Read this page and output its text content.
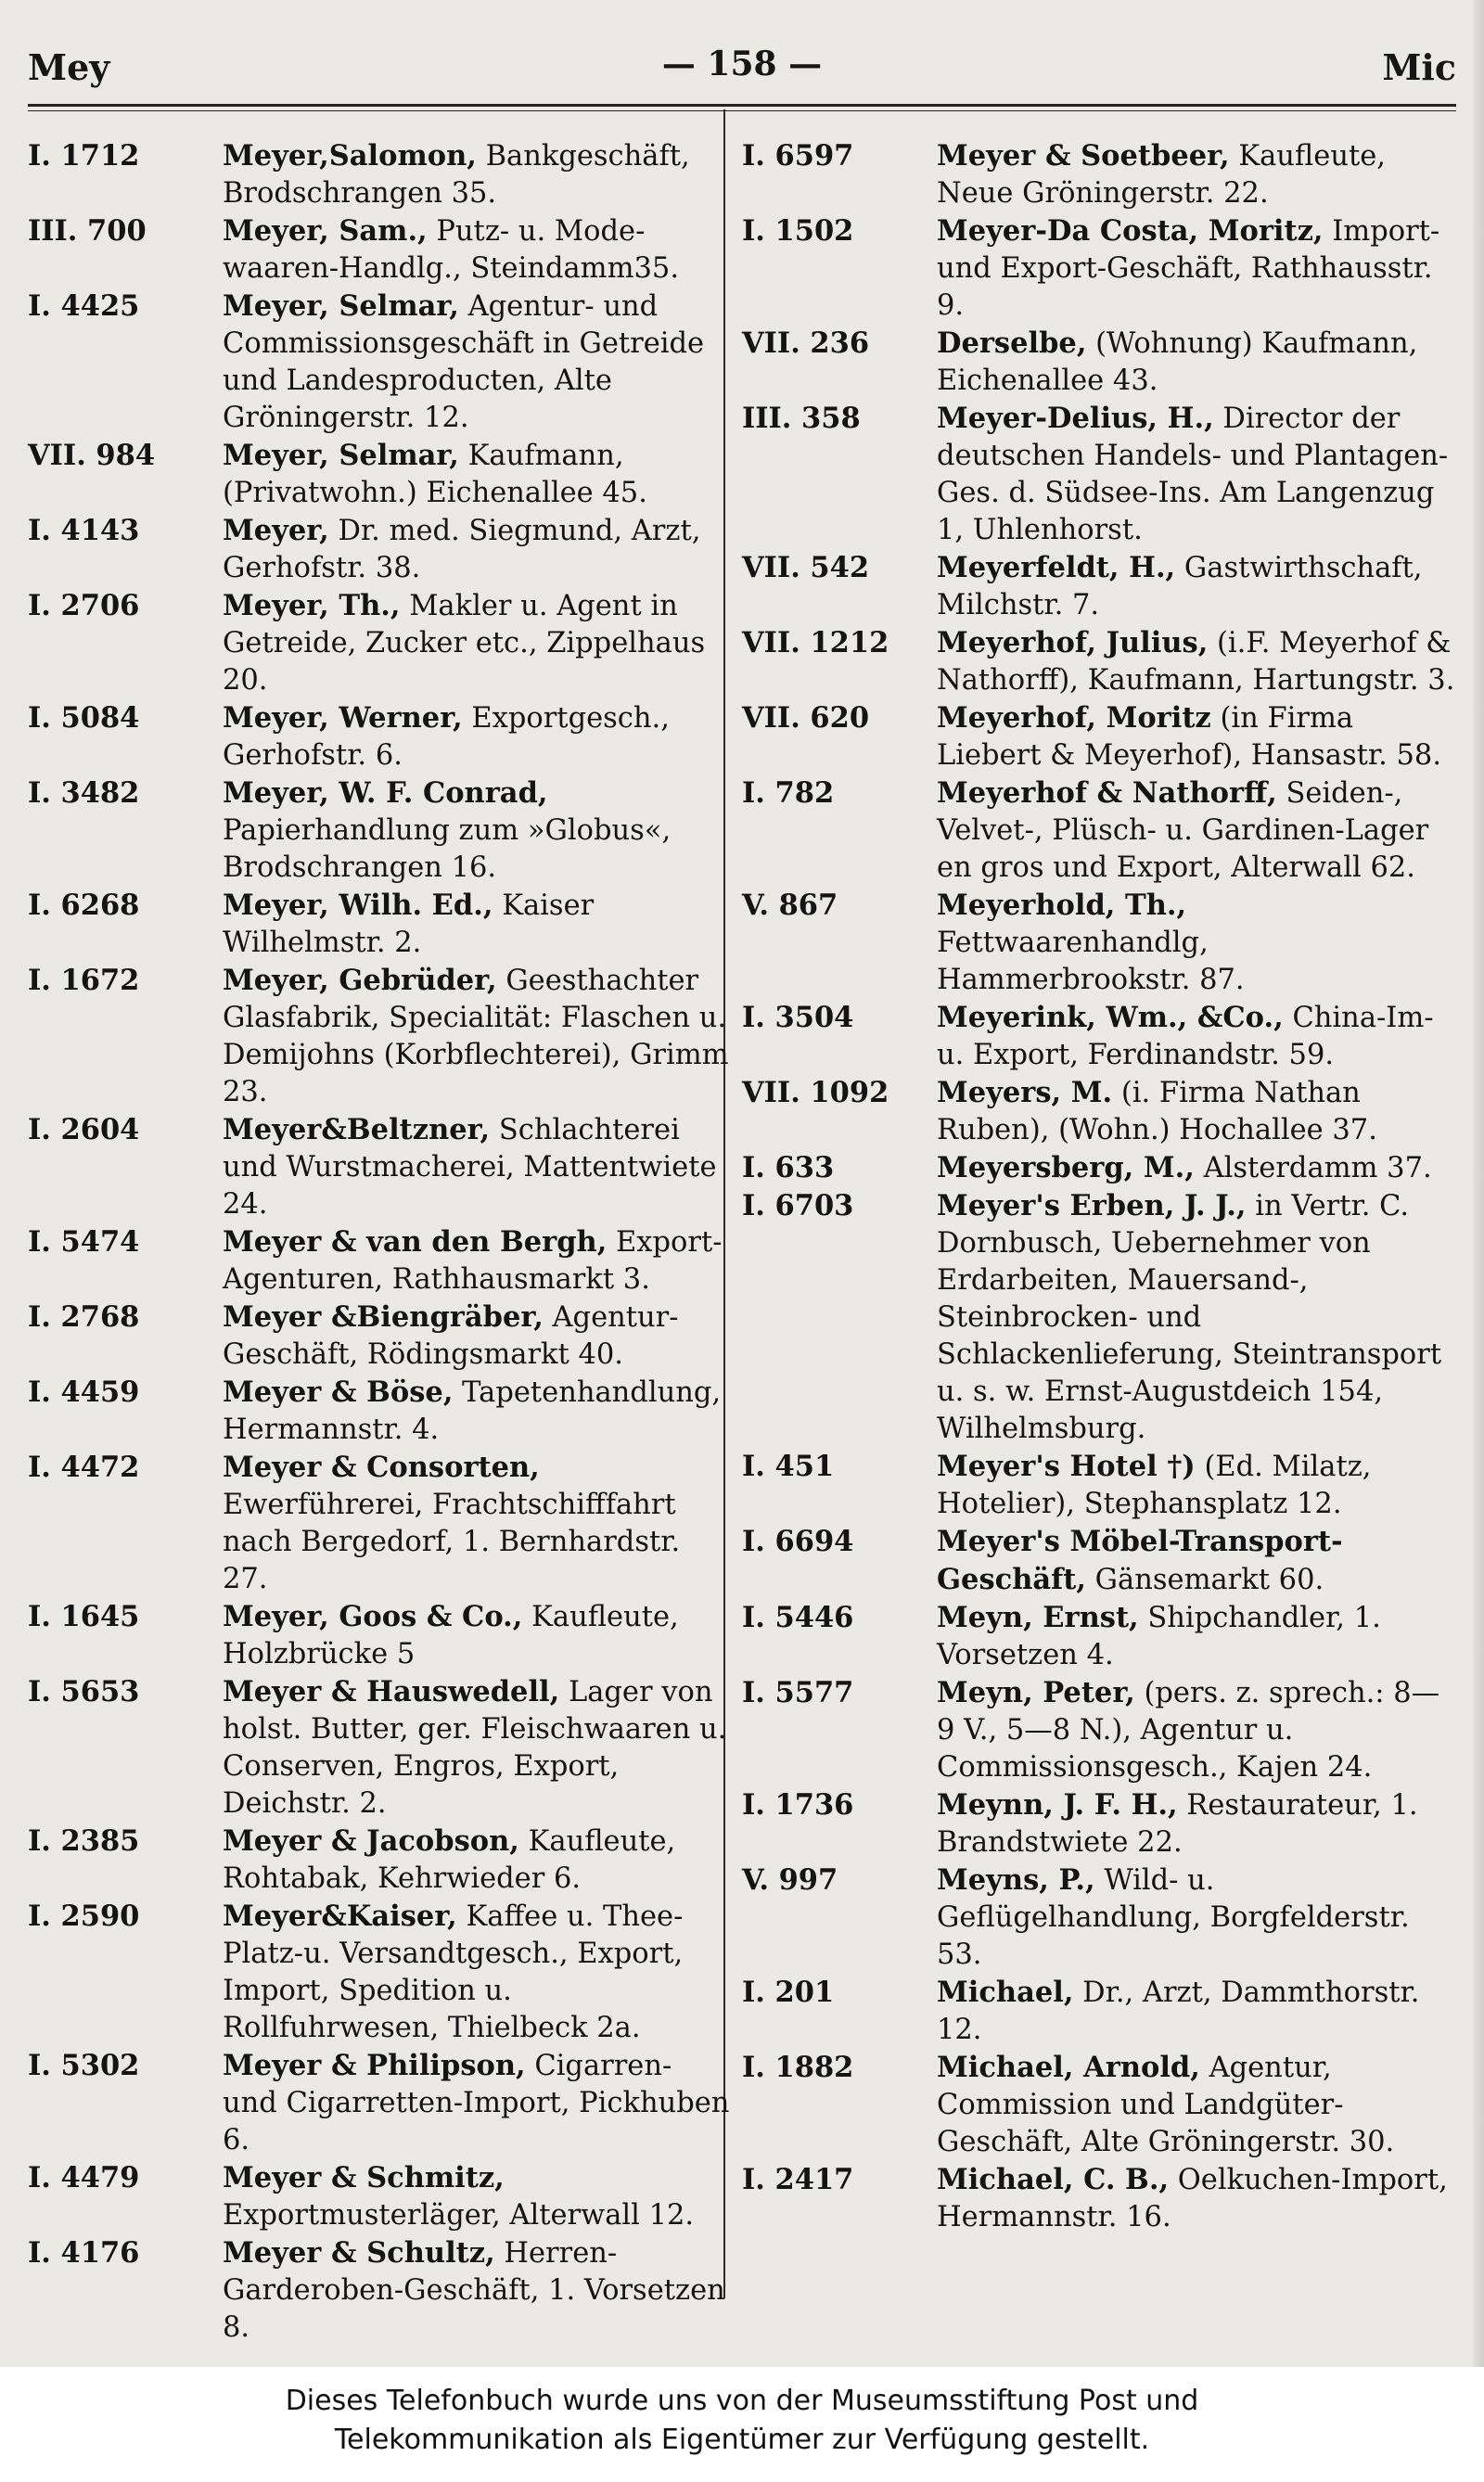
Mey	— 158 —	Mic
I. 1712	Meyer,Salomon, Bankgeschäft, Brodschrangen 35.
III. 700	Meyer, Sam., Putz- u. Mode-waaren-Handlg., Steindamm35.
I. 4425	Meyer, Selmar, Agentur- und Commissionsgeschäft in Getreide und Landesproducten, Alte Gröningerstr. 12.
VII. 984	Meyer, Selmar, Kaufmann, (Privatwohn.) Eichenallee 45.
I. 4143	Meyer, Dr. med. Siegmund, Arzt, Gerhofstr. 38.
I. 2706	Meyer, Th., Makler u. Agent in Getreide, Zucker etc., Zippelhaus 20.
I. 5084	Meyer, Werner, Exportgesch., Gerhofstr. 6.
I. 3482	Meyer, W. F. Conrad, Papierhandlung zum »Globus«, Brodschrangen 16.
I. 6268	Meyer, Wilh. Ed., Kaiser Wilhelmstr. 2.
I. 1672	Meyer, Gebrüder, Geesthachter Glasfabrik, Specialität: Flaschen u. Demijohns (Korbflechterei), Grimm 23.
I. 2604	Meyer&Beltzner, Schlachterei und Wurstmacherei, Mattentwiete 24.
I. 5474	Meyer & van den Bergh, Export-Agenturen, Rathhausmarkt 3.
I. 2768	Meyer &Biengräber, Agentur-Geschäft, Rödingsmarkt 40.
I. 4459	Meyer & Böse, Tapetenhandlung, Hermannstr. 4.
I. 4472	Meyer & Consorten, Ewerführerei, Frachtschifffahrt nach Bergedorf, 1. Bernhardstr. 27.
I. 1645	Meyer, Goos & Co., Kaufleute, Holzbrücke 5
I. 5653	Meyer & Hauswedell, Lager von holst. Butter, ger. Fleischwaaren u. Conserven, Engros, Export, Deichstr. 2.
I. 2385	Meyer & Jacobson, Kaufleute, Rohtabak, Kehrwieder 6.
I. 2590	Meyer&Kaiser, Kaffee u. Thee-Platz-u. Versandtgesch., Export, Import, Spedition u. Rollfuhrwesen, Thielbeck 2a.
I. 5302	Meyer & Philipson, Cigarren- und Cigarretten-Import, Pickhuben 6.
I. 4479	Meyer & Schmitz, Exportmusterläger, Alterwall 12.
I. 4176	Meyer & Schultz, Herren-Garderoben-Geschäft, 1. Vorsetzen 8.
I. 6597	Meyer & Soetbeer, Kaufleute, Neue Gröningerstr. 22.
I. 1502	Meyer-Da Costa, Moritz, Import- und Export-Geschäft, Rathhausstr. 9.
VII. 236	Derselbe, (Wohnung) Kaufmann, Eichenallee 43.
III. 358	Meyer-Delius, H., Director der deutschen Handels- und Plantagen-Ges. d. Südsee-Ins. Am Langenzug 1, Uhlenhorst.
VII. 542	Meyerfeldt, H., Gastwirthschaft, Milchstr. 7.
VII. 1212	Meyerhof, Julius, (i.F. Meyerhof & Nathorff), Kaufmann, Hartungstr. 3.
VII. 620	Meyerhof, Moritz (in Firma Liebert & Meyerhof), Hansastr. 58.
I. 782	Meyerhof & Nathorff, Seiden-, Velvet-, Plüsch- u. Gardinen-Lager en gros und Export, Alterwall 62.
V. 867	Meyerhold, Th., Fettwaarenhandlg, Hammerbrookstr. 87.
I. 3504	Meyerink, Wm., &Co., China-Im- u. Export, Ferdinandstr. 59.
VII. 1092	Meyers, M. (i. Firma Nathan Ruben), (Wohn.) Hochallee 37.
I. 633	Meyersberg, M., Alsterdamm 37.
I. 6703	Meyer's Erben, J. J., in Vertr. C. Dornbusch, Uebernehmer von Erdarbeiten, Mauersand-, Steinbrocken- und Schlackenlieferung, Steintransport u. s. w. Ernst-Augustdeich 154, Wilhelmsburg.
I. 451	Meyer's Hotel †) (Ed. Milatz, Hotelier), Stephansplatz 12.
I. 6694	Meyer's Möbel-Transport-Geschäft, Gänsemarkt 60.
I. 5446	Meyn, Ernst, Shipchandler, 1. Vorsetzen 4.
I. 5577	Meyn, Peter, (pers. z. sprech.: 8—9 V., 5—8 N.), Agentur u. Commissionsgesch., Kajen 24.
I. 1736	Meynn, J. F. H., Restaurateur, 1. Brandstwiete 22.
V. 997	Meyns, P., Wild- u. Geflügelhandlung, Borgfelderstr. 53.
I. 201	Michael, Dr., Arzt, Dammthorstr. 12.
I. 1882	Michael, Arnold, Agentur, Commission und Landgüter-Geschäft, Alte Gröningerstr. 30.
I. 2417	Michael, C. B., Oelkuchen-Import, Hermannstr. 16.
Dieses Telefonbuch wurde uns von der Museumsstiftung Post und
Telekommunikation als Eigentümer zur Verfügung gestellt.
